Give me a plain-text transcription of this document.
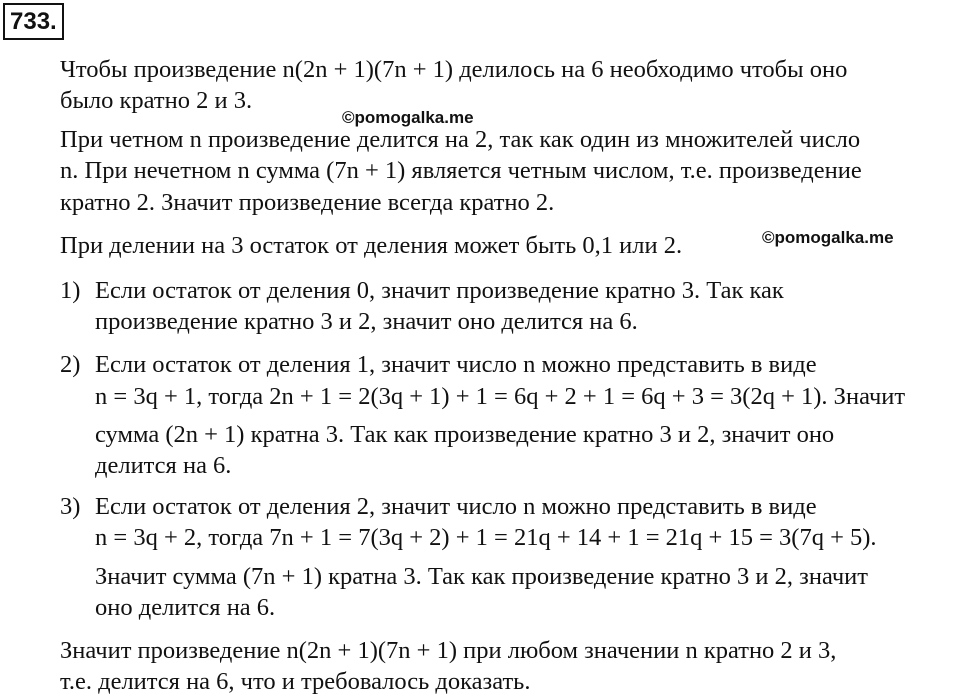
733.
Чтобы произведение n(2n + 1)(7n + 1) делилось на 6 необходимо чтобы оно
было кратно 2 и 3.
©pomogalka.me
При четном n произведение делится на 2, так как один из множителей число
n. При нечетном n сумма (7n + 1) является четным числом, т.е. произведение
кратно 2. Значит произведение всегда кратно 2.
При делении на 3 остаток от деления может быть 0,1 или 2.	©pomogalka.me
1) Если остаток от деления 0, значит произведение кратно 3. Так как
произведение кратно 3 и 2, значит оно делится на 6.
2) Если остаток от деления 1, значит число n можно представить в виде
n = 3q + 1, тогда 2n + 1 = 2(3q + 1) + 1 = 6q + 2 + 1 = 6q + 3 = 3(2q + 1). Значит
сумма (2n + 1) кратна 3. Так как произведение кратно 3 и 2, значит оно
делится на 6.
3) Если остаток от деления 2, значит число n можно представить в виде
n = 3q + 2, тогда 7n + 1 = 7(3q + 2) + 1 = 21q + 14 + 1 = 21q + 15 = 3(7q + 5).
Значит сумма (7n + 1) кратна 3. Так как произведение кратно 3 и 2, значит
оно делится на 6.
Значит произведение n(2n + 1)(7n + 1) при любом значении n кратно 2 и 3,
т.е. делится на 6, что и требовалось доказать.
